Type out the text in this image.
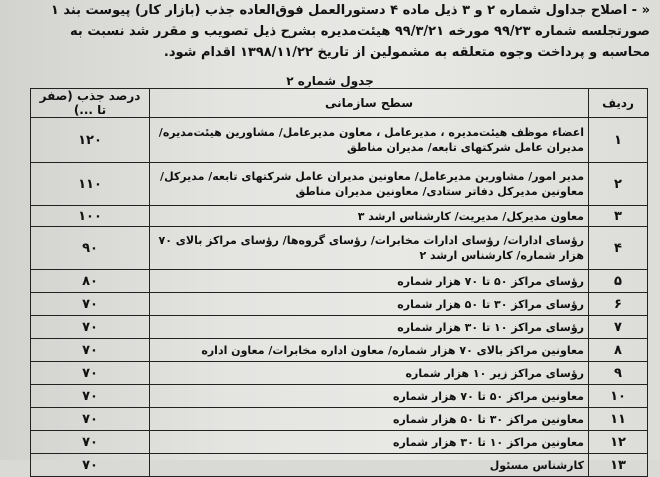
« - اصلاح جداول شماره ۲ و ۳ ذیل ماده ۴ دستورالعمل فوق‌العاده جذب (بازار کار) پیوست بند ۱

صورتجلسه شماره ۹۹/۲۳ مورخه ۹۹/۳/۲۱ هیئت‌مدیره بشرح ذیل تصویب و مقرر شد نسبت به

محاسبه و پرداخت وجوه متعلقه به مشمولین از تاریخ ۱۳۹۸/۱۱/۲۲ اقدام شود.

جدول شماره ۲
ردیف	سطح سازمانی	درصد جذب (صفر تا ...)
۱	اعضاء موظف هیئت‌مدیره ، مدیرعامل ، معاون مدیرعامل/ مشاورین هیئت‌مدیره/ مدیران عامل شرکتهای تابعه/ مدیران مناطق	۱۲۰
۲	مدیر امور/ مشاورین مدیرعامل/ معاونین مدیران عامل شرکتهای تابعه/ مدیرکل/ معاونین مدیرکل دفاتر ستادی/ معاونین مدیران مناطق	۱۱۰
۳	معاون مدیرکل/ مدیریت/ کارشناس ارشد ۳	۱۰۰
۴	رؤسای ادارات/ رؤسای ادارات مخابرات/ رؤسای گروه‌ها/ رؤسای مراکز بالای ۷۰ هزار شماره/ کارشناس ارشد ۲	۹۰
۵	رؤسای مراکز ۵۰ تا ۷۰ هزار شماره	۸۰
۶	رؤسای مراکز ۳۰ تا ۵۰ هزار شماره	۷۰
۷	رؤسای مراکز ۱۰ تا ۳۰ هزار شماره	۷۰
۸	معاونین مراکز بالای ۷۰ هزار شماره/ معاون اداره مخابرات/ معاون اداره	۷۰
۹	رؤسای مراکز زیر ۱۰ هزار شماره	۷۰
۱۰	معاونین مراکز ۵۰ تا ۷۰ هزار شماره	۷۰
۱۱	معاونین مراکز ۳۰ تا ۵۰ هزار شماره	۷۰
۱۲	معاونین مراکز ۱۰ تا ۳۰ هزار شماره	۷۰
۱۳	کارشناس مسئول	۷۰
